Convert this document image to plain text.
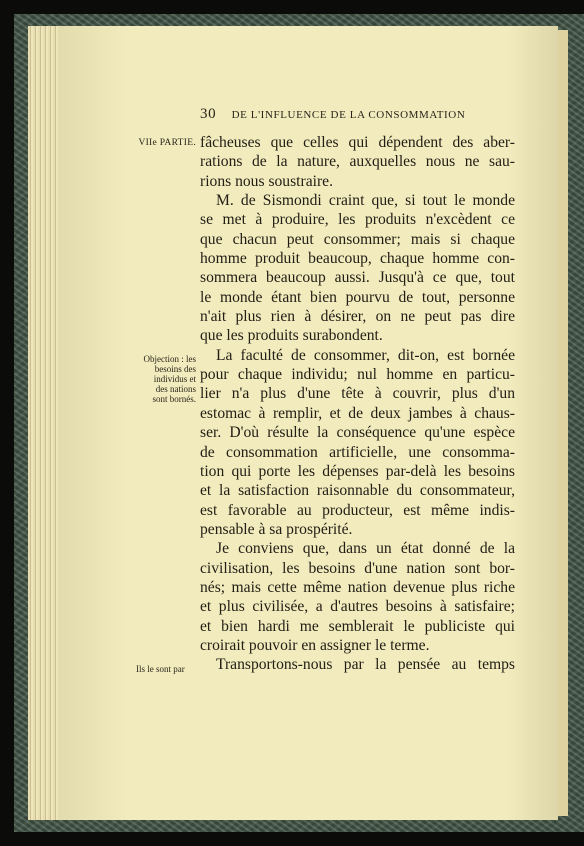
30 DE L'INFLUENCE DE LA CONSOMMATION
VIIe PARTIE.
Objection : les
besoins des
individus et
des nations
sont bornés.
Ils le sont par
fâcheuses que celles qui dépendent des aber-
rations de la nature, auxquelles nous ne sau-
rions nous soustraire.
M. de Sismondi craint que, si tout le monde
se met à produire, les produits n'excèdent ce
que chacun peut consommer; mais si chaque
homme produit beaucoup, chaque homme con-
sommera beaucoup aussi. Jusqu'à ce que, tout
le monde étant bien pourvu de tout, personne
n'ait plus rien à désirer, on ne peut pas dire
que les produits surabondent.
La faculté de consommer, dit-on, est bornée
pour chaque individu; nul homme en particu-
lier n'a plus d'une tête à couvrir, plus d'un
estomac à remplir, et de deux jambes à chaus-
ser. D'où résulte la conséquence qu'une espèce
de consommation artificielle, une consomma-
tion qui porte les dépenses par-delà les besoins
et la satisfaction raisonnable du consommateur,
est favorable au producteur, est même indis-
pensable à sa prospérité.
Je conviens que, dans un état donné de la
civilisation, les besoins d'une nation sont bor-
nés; mais cette même nation devenue plus riche
et plus civilisée, a d'autres besoins à satisfaire;
et bien hardi me semblerait le publiciste qui
croirait pouvoir en assigner le terme.
Transportons-nous par la pensée au temps
